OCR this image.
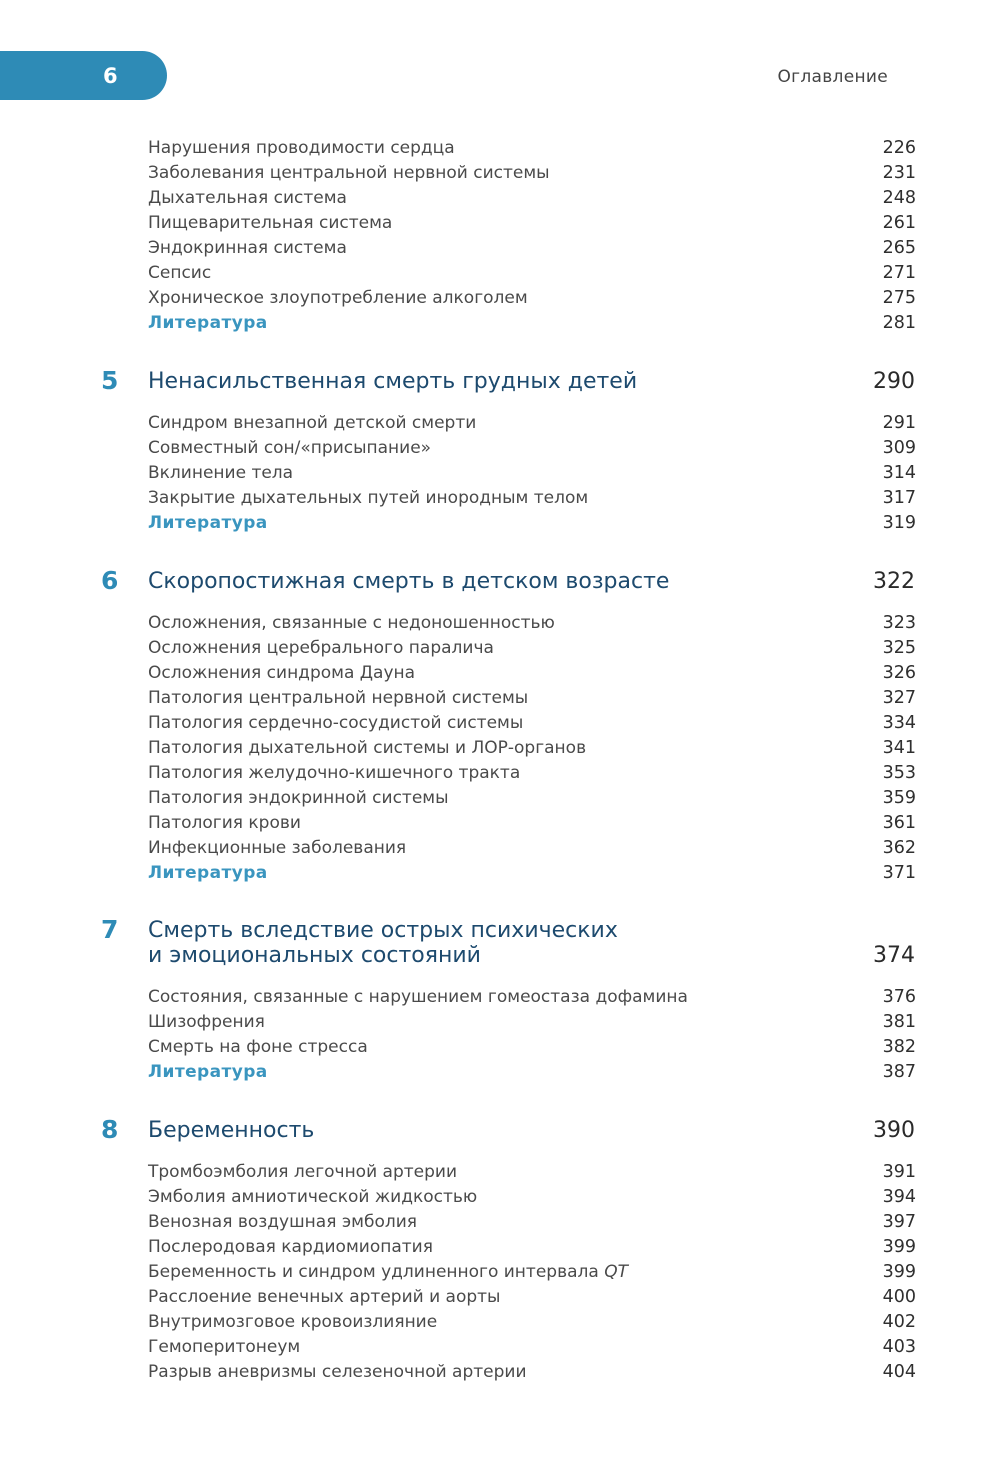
6	Оглавление
Нарушения проводимости сердца	226
Заболевания центральной нервной системы	231
Дыхательная система	248
Пищеварительная система	261
Эндокринная система	265
Сепсис	271
Хроническое злоупотребление алкоголем	275
Литература	281
5	Ненасильственная смерть грудных детей	290
Синдром внезапной детской смерти	291
Совместный сон/«присыпание»	309
Вклинение тела	314
Закрытие дыхательных путей инородным телом	317
Литература	319
6	Скоропостижная смерть в детском возрасте	322
Осложнения, связанные с недоношенностью	323
Осложнения церебрального паралича	325
Осложнения синдрома Дауна	326
Патология центральной нервной системы	327
Патология сердечно-сосудистой системы	334
Патология дыхательной системы и ЛОР-органов	341
Патология желудочно-кишечного тракта	353
Патология эндокринной системы	359
Патология крови	361
Инфекционные заболевания	362
Литература	371
7	Смерть вследствие острых психических
и эмоциональных состояний	374
Состояния, связанные с нарушением гомеостаза дофамина	376
Шизофрения	381
Смерть на фоне стресса	382
Литература	387
8	Беременность	390
Тромбоэмболия легочной артерии	391
Эмболия амниотической жидкостью	394
Венозная воздушная эмболия	397
Послеродовая кардиомиопатия	399
Беременность и синдром удлиненного интервала QT	399
Расслоение венечных артерий и аорты	400
Внутримозговое кровоизлияние	402
Гемоперитонеум	403
Разрыв аневризмы селезеночной артерии	404
